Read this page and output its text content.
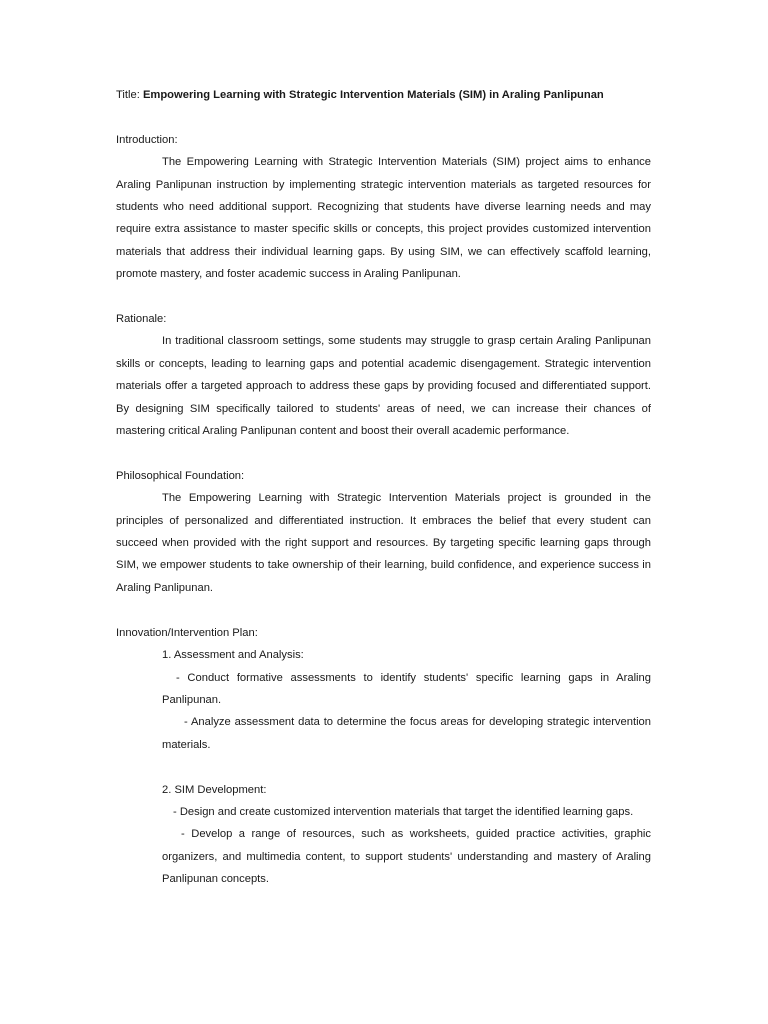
Title: Empowering Learning with Strategic Intervention Materials (SIM) in Araling Panlipunan

Introduction:

The Empowering Learning with Strategic Intervention Materials (SIM) project aims to enhance Araling Panlipunan instruction by implementing strategic intervention materials as targeted resources for students who need additional support. Recognizing that students have diverse learning needs and may require extra assistance to master specific skills or concepts, this project provides customized intervention materials that address their individual learning gaps. By using SIM, we can effectively scaffold learning, promote mastery, and foster academic success in Araling Panlipunan.

Rationale:

In traditional classroom settings, some students may struggle to grasp certain Araling Panlipunan skills or concepts, leading to learning gaps and potential academic disengagement. Strategic intervention materials offer a targeted approach to address these gaps by providing focused and differentiated support. By designing SIM specifically tailored to students' areas of need, we can increase their chances of mastering critical Araling Panlipunan content and boost their overall academic performance.

Philosophical Foundation:

The Empowering Learning with Strategic Intervention Materials project is grounded in the principles of personalized and differentiated instruction. It embraces the belief that every student can succeed when provided with the right support and resources. By targeting specific learning gaps through SIM, we empower students to take ownership of their learning, build confidence, and experience success in Araling Panlipunan.

Innovation/Intervention Plan:

1. Assessment and Analysis:

- Conduct formative assessments to identify students' specific learning gaps in Araling Panlipunan.

- Analyze assessment data to determine the focus areas for developing strategic intervention materials.

2. SIM Development:

- Design and create customized intervention materials that target the identified learning gaps.

- Develop a range of resources, such as worksheets, guided practice activities, graphic organizers, and multimedia content, to support students' understanding and mastery of Araling Panlipunan concepts.
